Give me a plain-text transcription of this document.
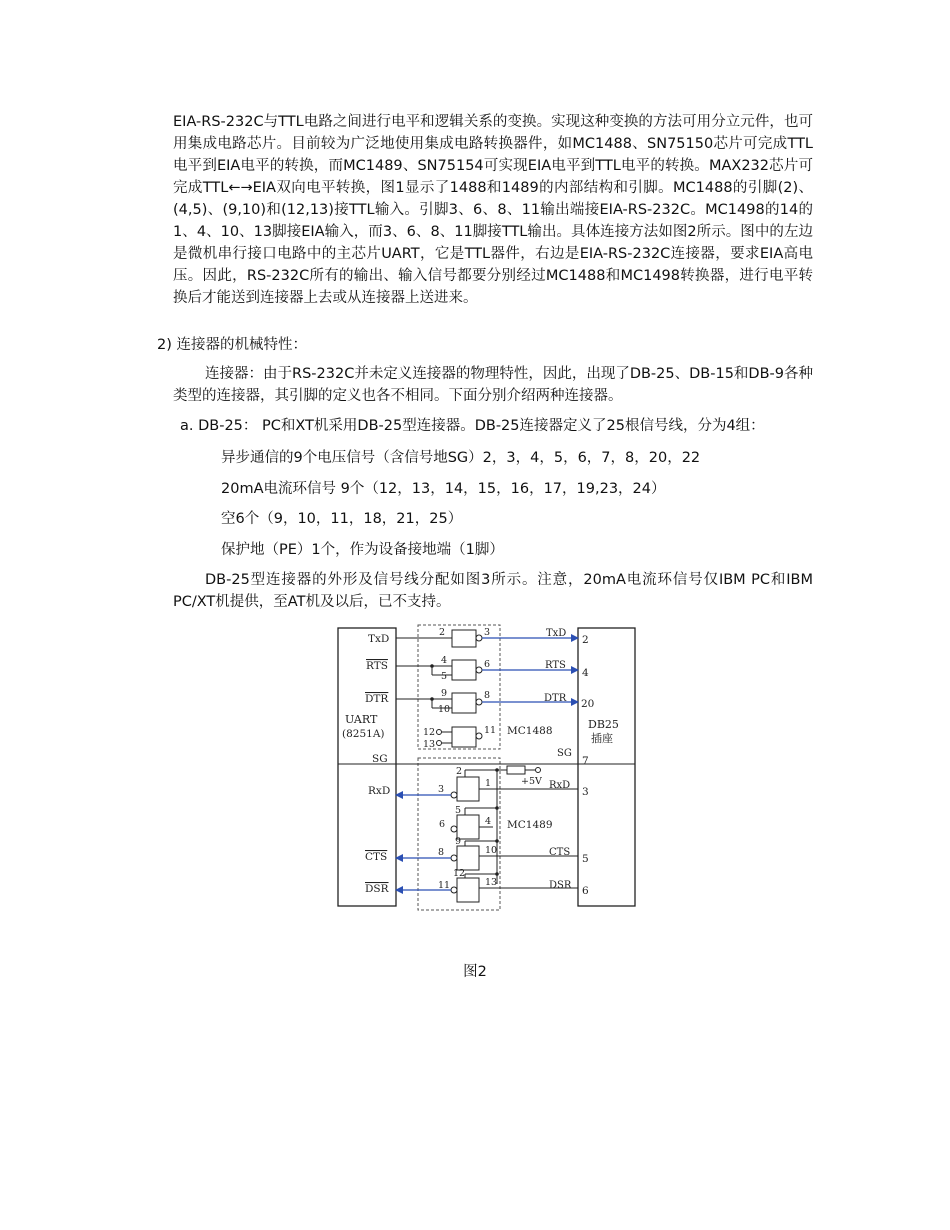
EIA-RS-232C与TTL电路之间进行电平和逻辑关系的变换。实现这种变换的方法可用分立元件，也可用集成电路芯片。目前较为广泛地使用集成电路转换器件，如MC1488、SN75150芯片可完成TTL电平到EIA电平的转换，而MC1489、SN75154可实现EIA电平到TTL电平的转换。MAX232芯片可完成TTL←→EIA双向电平转换，图1显示了1488和1489的内部结构和引脚。MC1488的引脚(2)、(4,5)、(9,10)和(12,13)接TTL输入。引脚3、6、8、11输出端接EIA-RS-232C。MC1498的14的1、4、10、13脚接EIA输入，而3、6、8、11脚接TTL输出。具体连接方法如图2所示。图中的左边是微机串行接口电路中的主芯片UART，它是TTL器件，右边是EIA-RS-232C连接器，要求EIA高电压。因此，RS-232C所有的输出、输入信号都要分别经过MC1488和MC1498转换器，进行电平转换后才能送到连接器上去或从连接器上送进来。

2) 连接器的机械特性：

连接器：由于RS-232C并未定义连接器的物理特性，因此，出现了DB-25、DB-15和DB-9各种类型的连接器，其引脚的定义也各不相同。下面分别介绍两种连接器。

a. DB-25： PC和XT机采用DB-25型连接器。DB-25连接器定义了25根信号线，分为4组：

异步通信的9个电压信号（含信号地SG）2，3，4，5，6，7，8，20，22

20mA电流环信号 9个（12，13，14，15，16，17，19,23，24）

空6个（9，10，11，18，21，25）

保护地（PE）1个，作为设备接地端（1脚）

DB-25型连接器的外形及信号线分配如图3所示。注意，20mA电流环信号仅IBM PC和IBM PC/XT机提供，至AT机及以后，已不支持。

UART
(8251A)
DB25
插座
MC1488
MC1489
TxD
RTS
DTR
SG
RxD
CTS
DSR
TxD
RTS
DTR
SG
RxD
CTS
DSR
2
4
20
7
3
5
6
2	3
4
5
6
9
10
8
12
13
11
+5V
2
1
3
5
6	4
9
10
8
12
13
11
图2
